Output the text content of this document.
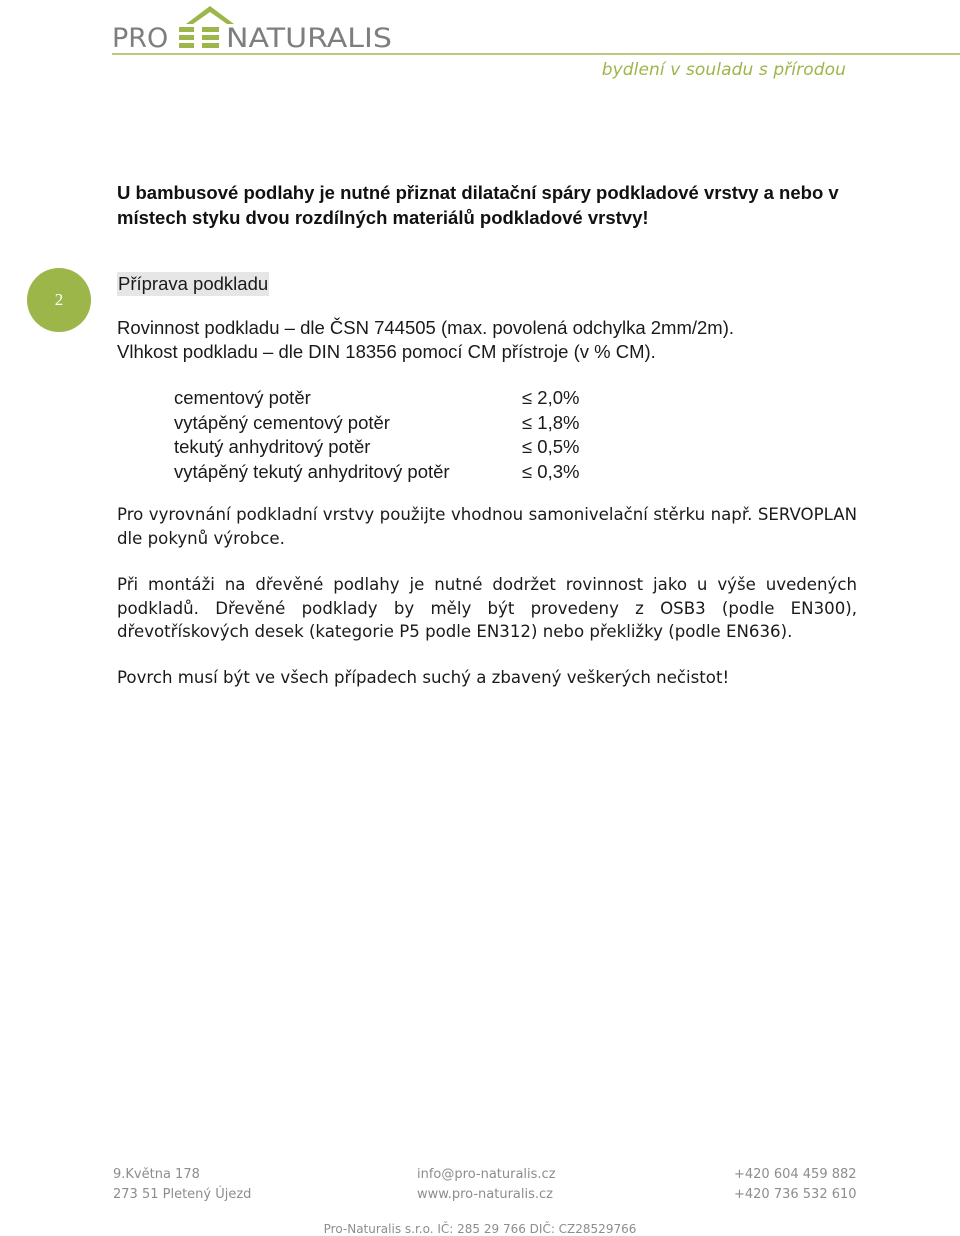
PRO NATURALIS
bydlení v souladu s přírodou
U bambusové podlahy je nutné přiznat dilatační spáry podkladové vrstvy a nebo v místech styku dvou rozdílných materiálů podkladové vrstvy!
2
Příprava podkladu
Rovinnost podkladu – dle ČSN 744505 (max. povolená odchylka 2mm/2m).
Vlhkost podkladu – dle DIN 18356 pomocí CM přístroje (v % CM).
cementový potěr	≤ 2,0%
vytápěný cementový potěr	≤ 1,8%
tekutý anhydritový potěr	≤ 0,5%
vytápěný tekutý anhydritový potěr	≤ 0,3%
Pro vyrovnání podkladní vrstvy použijte vhodnou samonivelační stěrku např. SERVOPLAN dle pokynů výrobce.
Při montáži na dřevěné podlahy je nutné dodržet rovinnost jako u výše uvedených podkladů. Dřevěné podklady by měly být provedeny z OSB3 (podle EN300), dřevotřískových desek (kategorie P5 podle EN312) nebo překližky (podle EN636).
Povrch musí být ve všech případech suchý a zbavený veškerých nečistot!
9.Května 178
273 51 Pletený Újezd
info@pro-naturalis.cz
www.pro-naturalis.cz
+420 604 459 882
+420 736 532 610
Pro-Naturalis s.r.o. IČ: 285 29 766 DIČ: CZ28529766
